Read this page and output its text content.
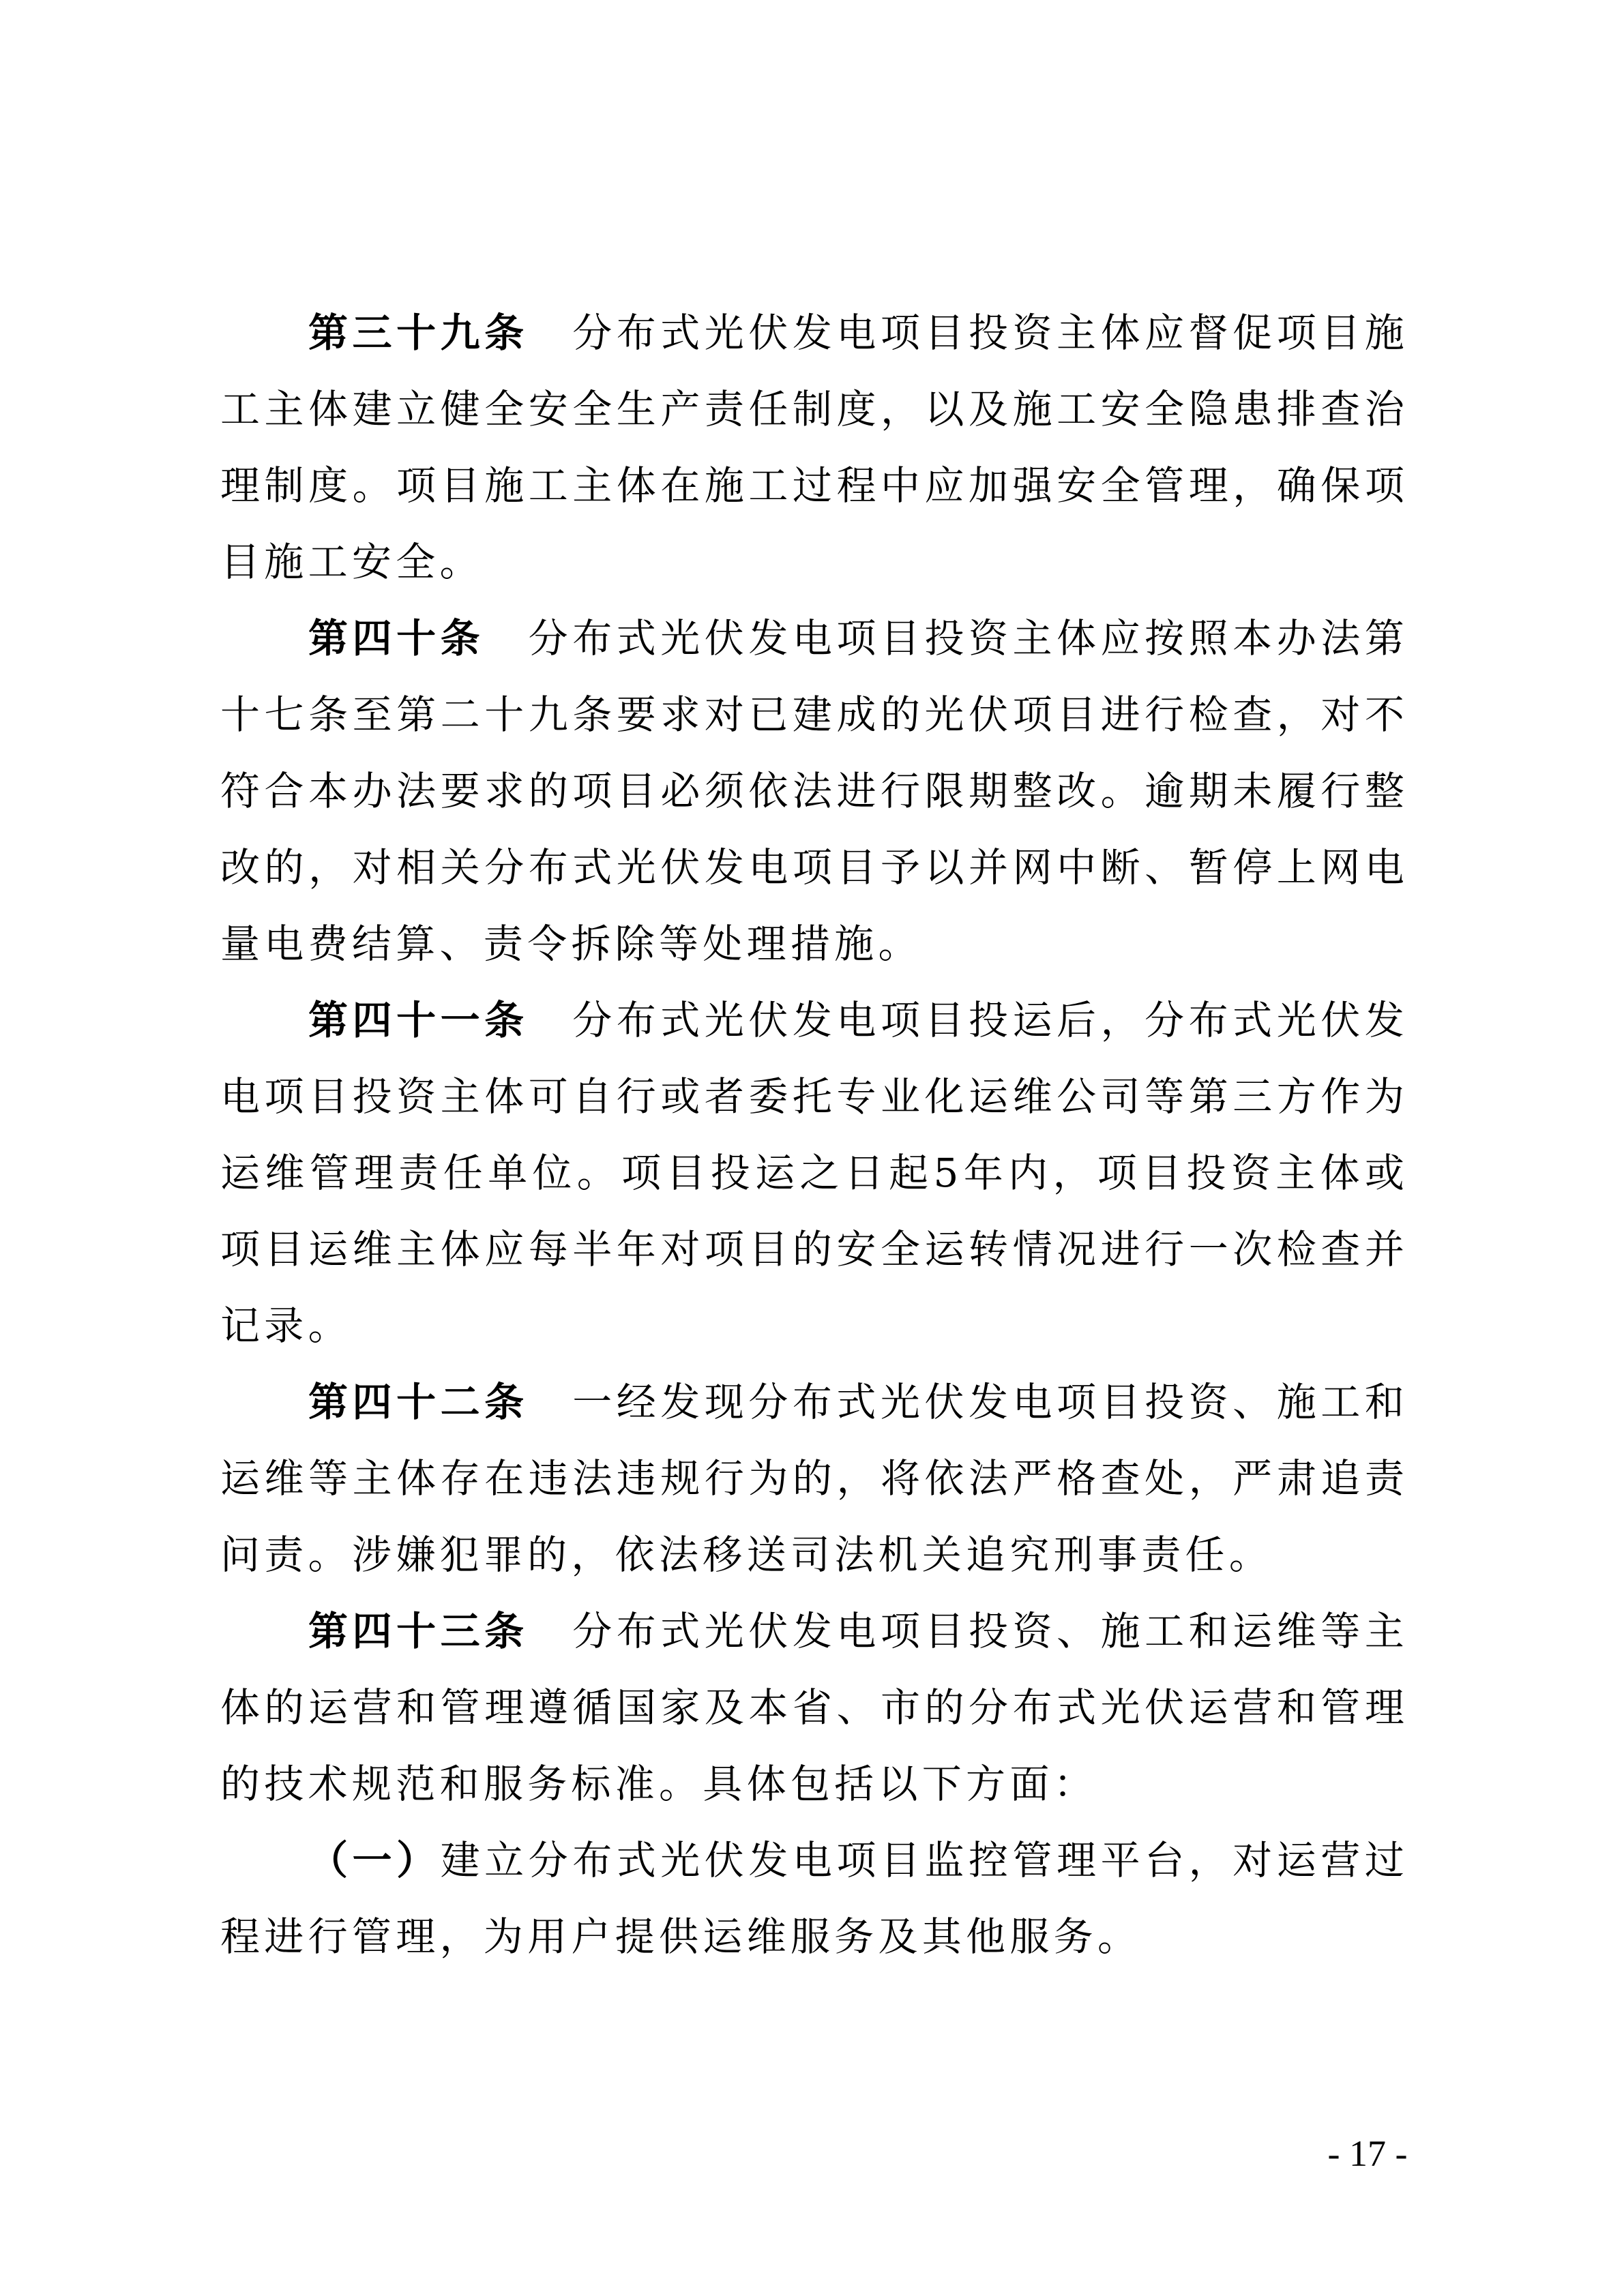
第 三 十 九 条
　 分 布 式 光 伏 发 电 项 目 投 资 主 体 应 督 促 项 目 施
工 主 体 建 立 健 全 安 全 生 产 责 任 制 度 ， 以 及 施 工 安 全 隐 患 排 查 治
理 制 度 。 项 目 施 工 主 体 在 施 工 过 程 中 应 加 强 安 全 管 理 ， 确 保 项
目 施 工 安 全 。
第 四 十 条
　 分 布 式 光 伏 发 电 项 目 投 资 主 体 应 按 照 本 办 法 第
十 七 条 至 第 二 十 九 条 要 求 对 已 建 成 的 光 伏 项 目 进 行 检 查 ， 对 不
符 合 本 办 法 要 求 的 项 目 必 须 依 法 进 行 限 期 整 改 。 逾 期 未 履 行 整
改 的 ， 对 相 关 分 布 式 光 伏 发 电 项 目 予 以 并 网 中 断 、 暂 停 上 网 电
量 电 费 结 算 、 责 令 拆 除 等 处 理 措 施 。
第 四 十 一 条
　 分 布 式 光 伏 发 电 项 目 投 运 后 ， 分 布 式 光 伏 发
电 项 目 投 资 主 体 可 自 行 或 者 委 托 专 业 化 运 维 公 司 等 第 三 方 作 为
运 维 管 理 责 任 单 位 。 项 目 投 运 之 日 起 5 年 内 ， 项 目 投 资 主 体 或
项 目 运 维 主 体 应 每 半 年 对 项 目 的 安 全 运 转 情 况 进 行 一 次 检 查 并
记 录 。
第 四 十 二 条
　 一 经 发 现 分 布 式 光 伏 发 电 项 目 投 资 、 施 工 和
运 维 等 主 体 存 在 违 法 违 规 行 为 的 ， 将 依 法 严 格 查 处 ， 严 肃 追 责
问 责 。 涉 嫌 犯 罪 的 ， 依 法 移 送 司 法 机 关 追 究 刑 事 责 任 。
第 四 十 三 条
　 分 布 式 光 伏 发 电 项 目 投 资 、 施 工 和 运 维 等 主
体 的 运 营 和 管 理 遵 循 国 家 及 本 省 、 市 的 分 布 式 光 伏 运 营 和 管 理
的 技 术 规 范 和 服 务 标 准 。 具 体 包 括 以 下 方 面 ：
（ 一 ） 建 立 分 布 式 光 伏 发 电 项 目 监 控 管 理 平 台 ， 对 运 营 过
程 进 行 管 理 ， 为 用 户 提 供 运 维 服 务 及 其 他 服 务 。
- 17 -
